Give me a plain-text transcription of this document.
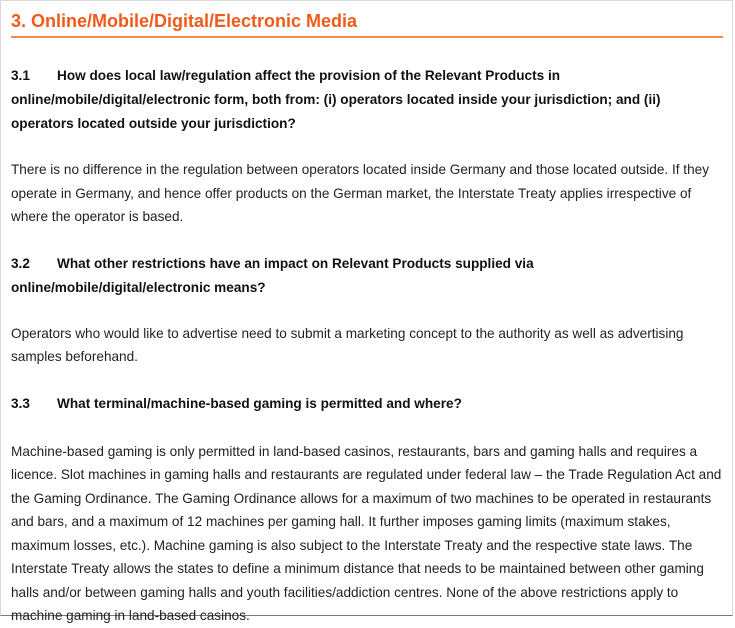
3. Online/Mobile/Digital/Electronic Media

3.1 How does local law/regulation affect the provision of the Relevant Products in online/mobile/digital/electronic form, both from: (i) operators located inside your jurisdiction; and (ii) operators located outside your jurisdiction?

There is no difference in the regulation between operators located inside Germany and those located outside. If they operate in Germany, and hence offer products on the German market, the Interstate Treaty applies irrespective of where the operator is based.

3.2 What other restrictions have an impact on Relevant Products supplied via online/mobile/digital/electronic means?

Operators who would like to advertise need to submit a marketing concept to the authority as well as advertising samples beforehand.

3.3 What terminal/machine-based gaming is permitted and where?

Machine-based gaming is only permitted in land-based casinos, restaurants, bars and gaming halls and requires a licence. Slot machines in gaming halls and restaurants are regulated under federal law – the Trade Regulation Act and the Gaming Ordinance. The Gaming Ordinance allows for a maximum of two machines to be operated in restaurants and bars, and a maximum of 12 machines per gaming hall. It further imposes gaming limits (maximum stakes, maximum losses, etc.). Machine gaming is also subject to the Interstate Treaty and the respective state laws. The Interstate Treaty allows the states to define a minimum distance that needs to be maintained between other gaming halls and/or between gaming halls and youth facilities/addiction centres. None of the above restrictions apply to machine gaming in land-based casinos.
